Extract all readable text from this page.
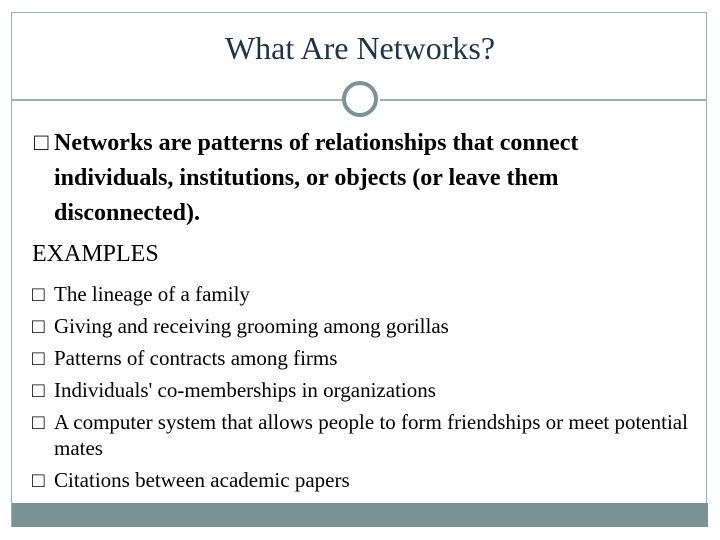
What Are Networks?
□
Networks are patterns of relationships that connect individuals, institutions, or objects (or leave them disconnected).
EXAMPLES
□
The lineage of a family
□
Giving and receiving grooming among gorillas
□
Patterns of contracts among firms
□
Individuals' co-memberships in organizations
□
A computer system that allows people to form friendships or meet potential mates
□
Citations between academic papers
